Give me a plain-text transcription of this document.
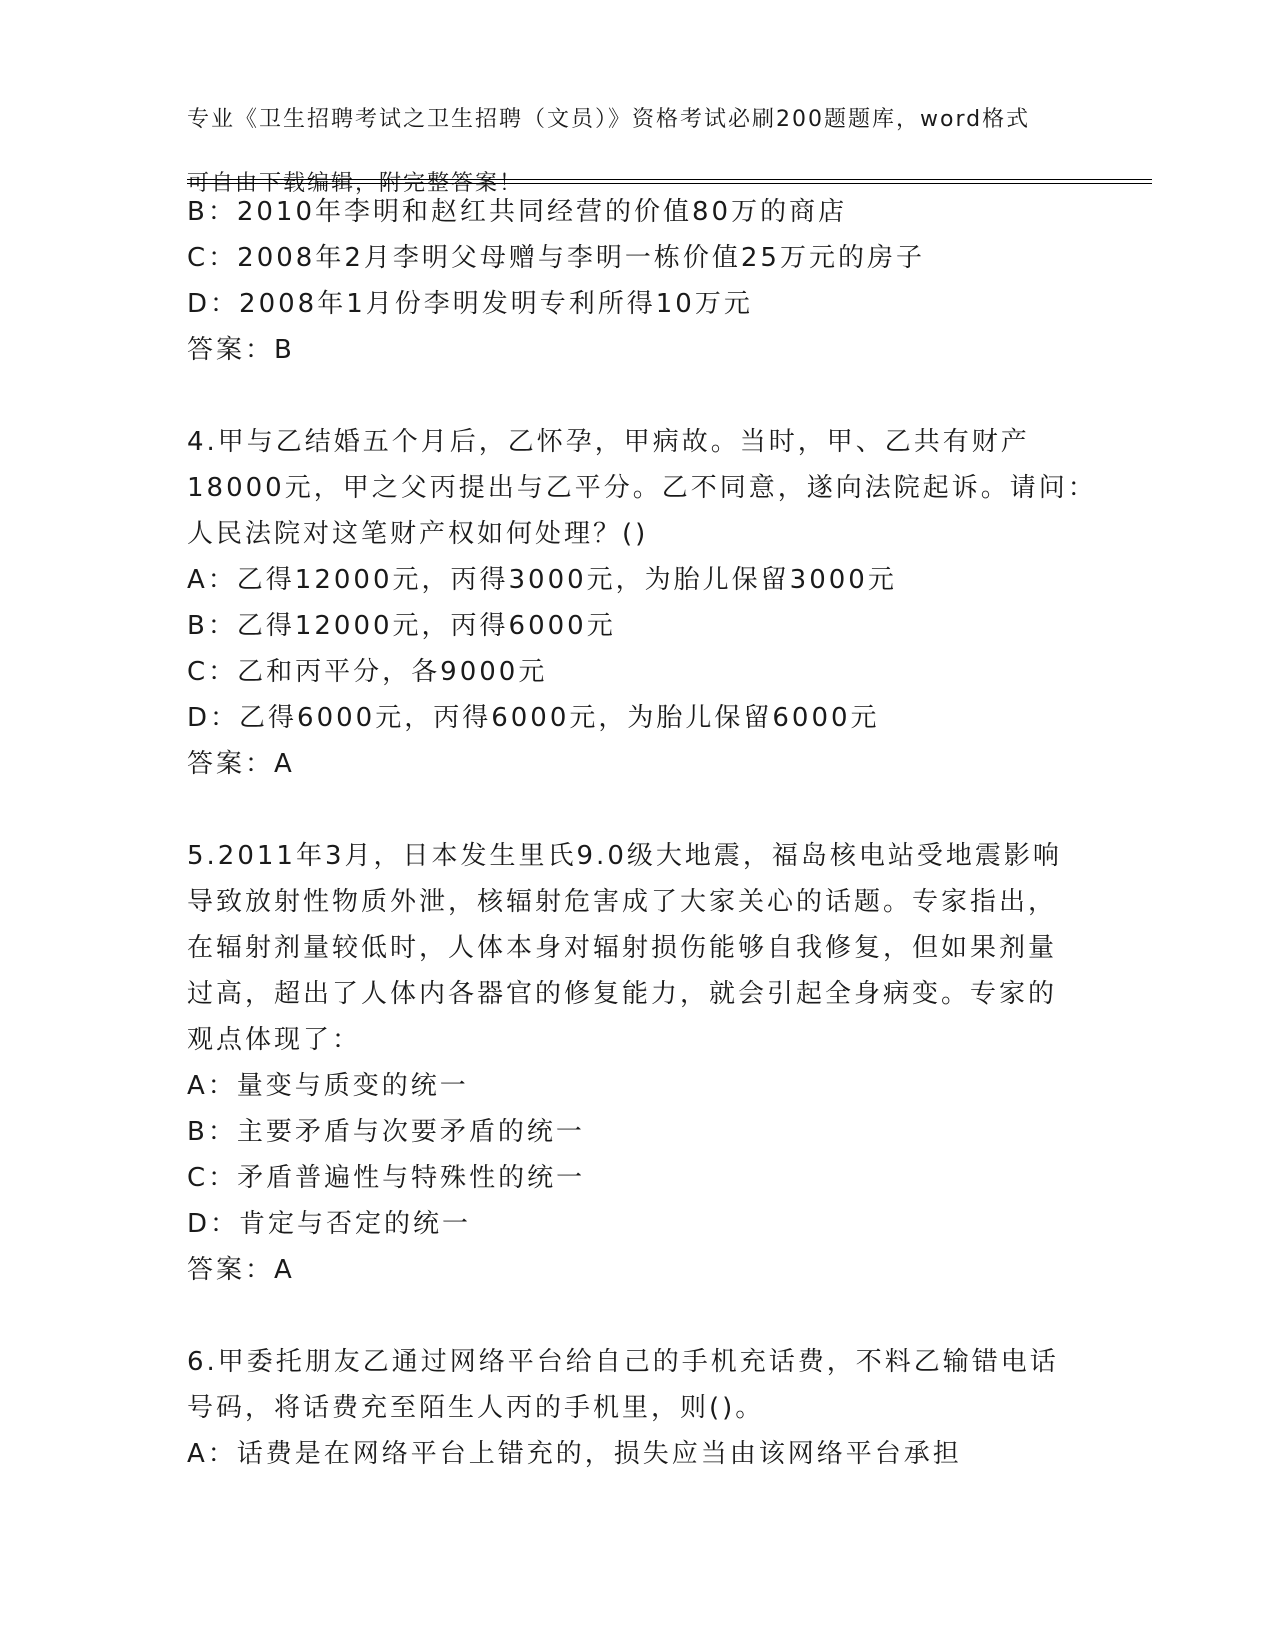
专业《卫生招聘考试之卫生招聘（文员）》资格考试必刷200题题库，word格式

可自由下载编辑，附完整答案！

B：2010年李明和赵红共同经营的价值80万的商店
C：2008年2月李明父母赠与李明一栋价值25万元的房子
D：2008年1月份李明发明专利所得10万元
答案：B
4.甲与乙结婚五个月后，乙怀孕，甲病故。当时，甲、乙共有财产
18000元，甲之父丙提出与乙平分。乙不同意，遂向法院起诉。请问：
人民法院对这笔财产权如何处理？()
A：乙得12000元，丙得3000元，为胎儿保留3000元
B：乙得12000元，丙得6000元
C：乙和丙平分，各9000元
D：乙得6000元，丙得6000元，为胎儿保留6000元
答案：A
5.2011年3月，日本发生里氏9.0级大地震，福岛核电站受地震影响
导致放射性物质外泄，核辐射危害成了大家关心的话题。专家指出，
在辐射剂量较低时，人体本身对辐射损伤能够自我修复，但如果剂量
过高，超出了人体内各器官的修复能力，就会引起全身病变。专家的
观点体现了：
A：量变与质变的统一
B：主要矛盾与次要矛盾的统一
C：矛盾普遍性与特殊性的统一
D：肯定与否定的统一
答案：A
6.甲委托朋友乙通过网络平台给自己的手机充话费，不料乙输错电话
号码，将话费充至陌生人丙的手机里，则()。
A：话费是在网络平台上错充的，损失应当由该网络平台承担
